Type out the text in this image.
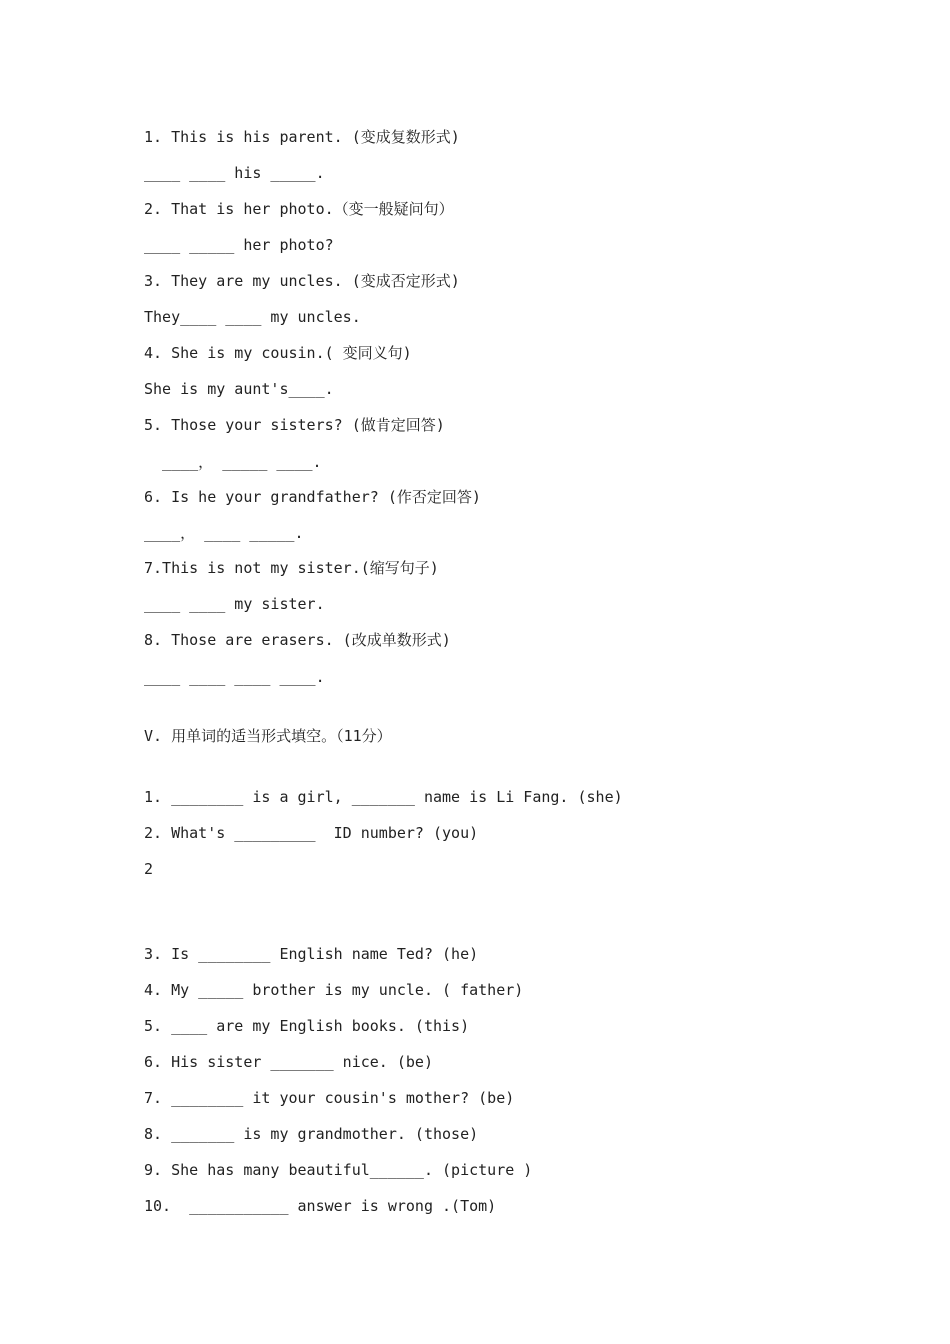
1. This is his parent. (变成复数形式)
____ ____ his _____.
2. That is her photo.（变一般疑问句）
____ _____ her photo?
3. They are my uncles. (变成否定形式)
They____ ____ my uncles.
4. She is my cousin.( 变同义句)
She is my aunt's____.
5. Those your sisters? (做肯定回答)
____， _____ ____.
6. Is he your grandfather? (作否定回答)
____， ____ _____.
7.This is not my sister.(缩写句子)
____ ____ my sister.
8. Those are erasers. (改成单数形式)
____ ____ ____ ____.
V. 用单词的适当形式填空。（11分）
1. ________ is a girl, _______ name is Li Fang. (she)
2. What's _________  ID number? (you)
2
3. Is ________ English name Ted? (he)
4. My _____ brother is my uncle. ( father)
5. ____ are my English books. (this)
6. His sister _______ nice. (be)
7. ________ it your cousin's mother? (be)
8. _______ is my grandmother. (those)
9. She has many beautiful______. (picture )
10.  ___________ answer is wrong .(Tom)
